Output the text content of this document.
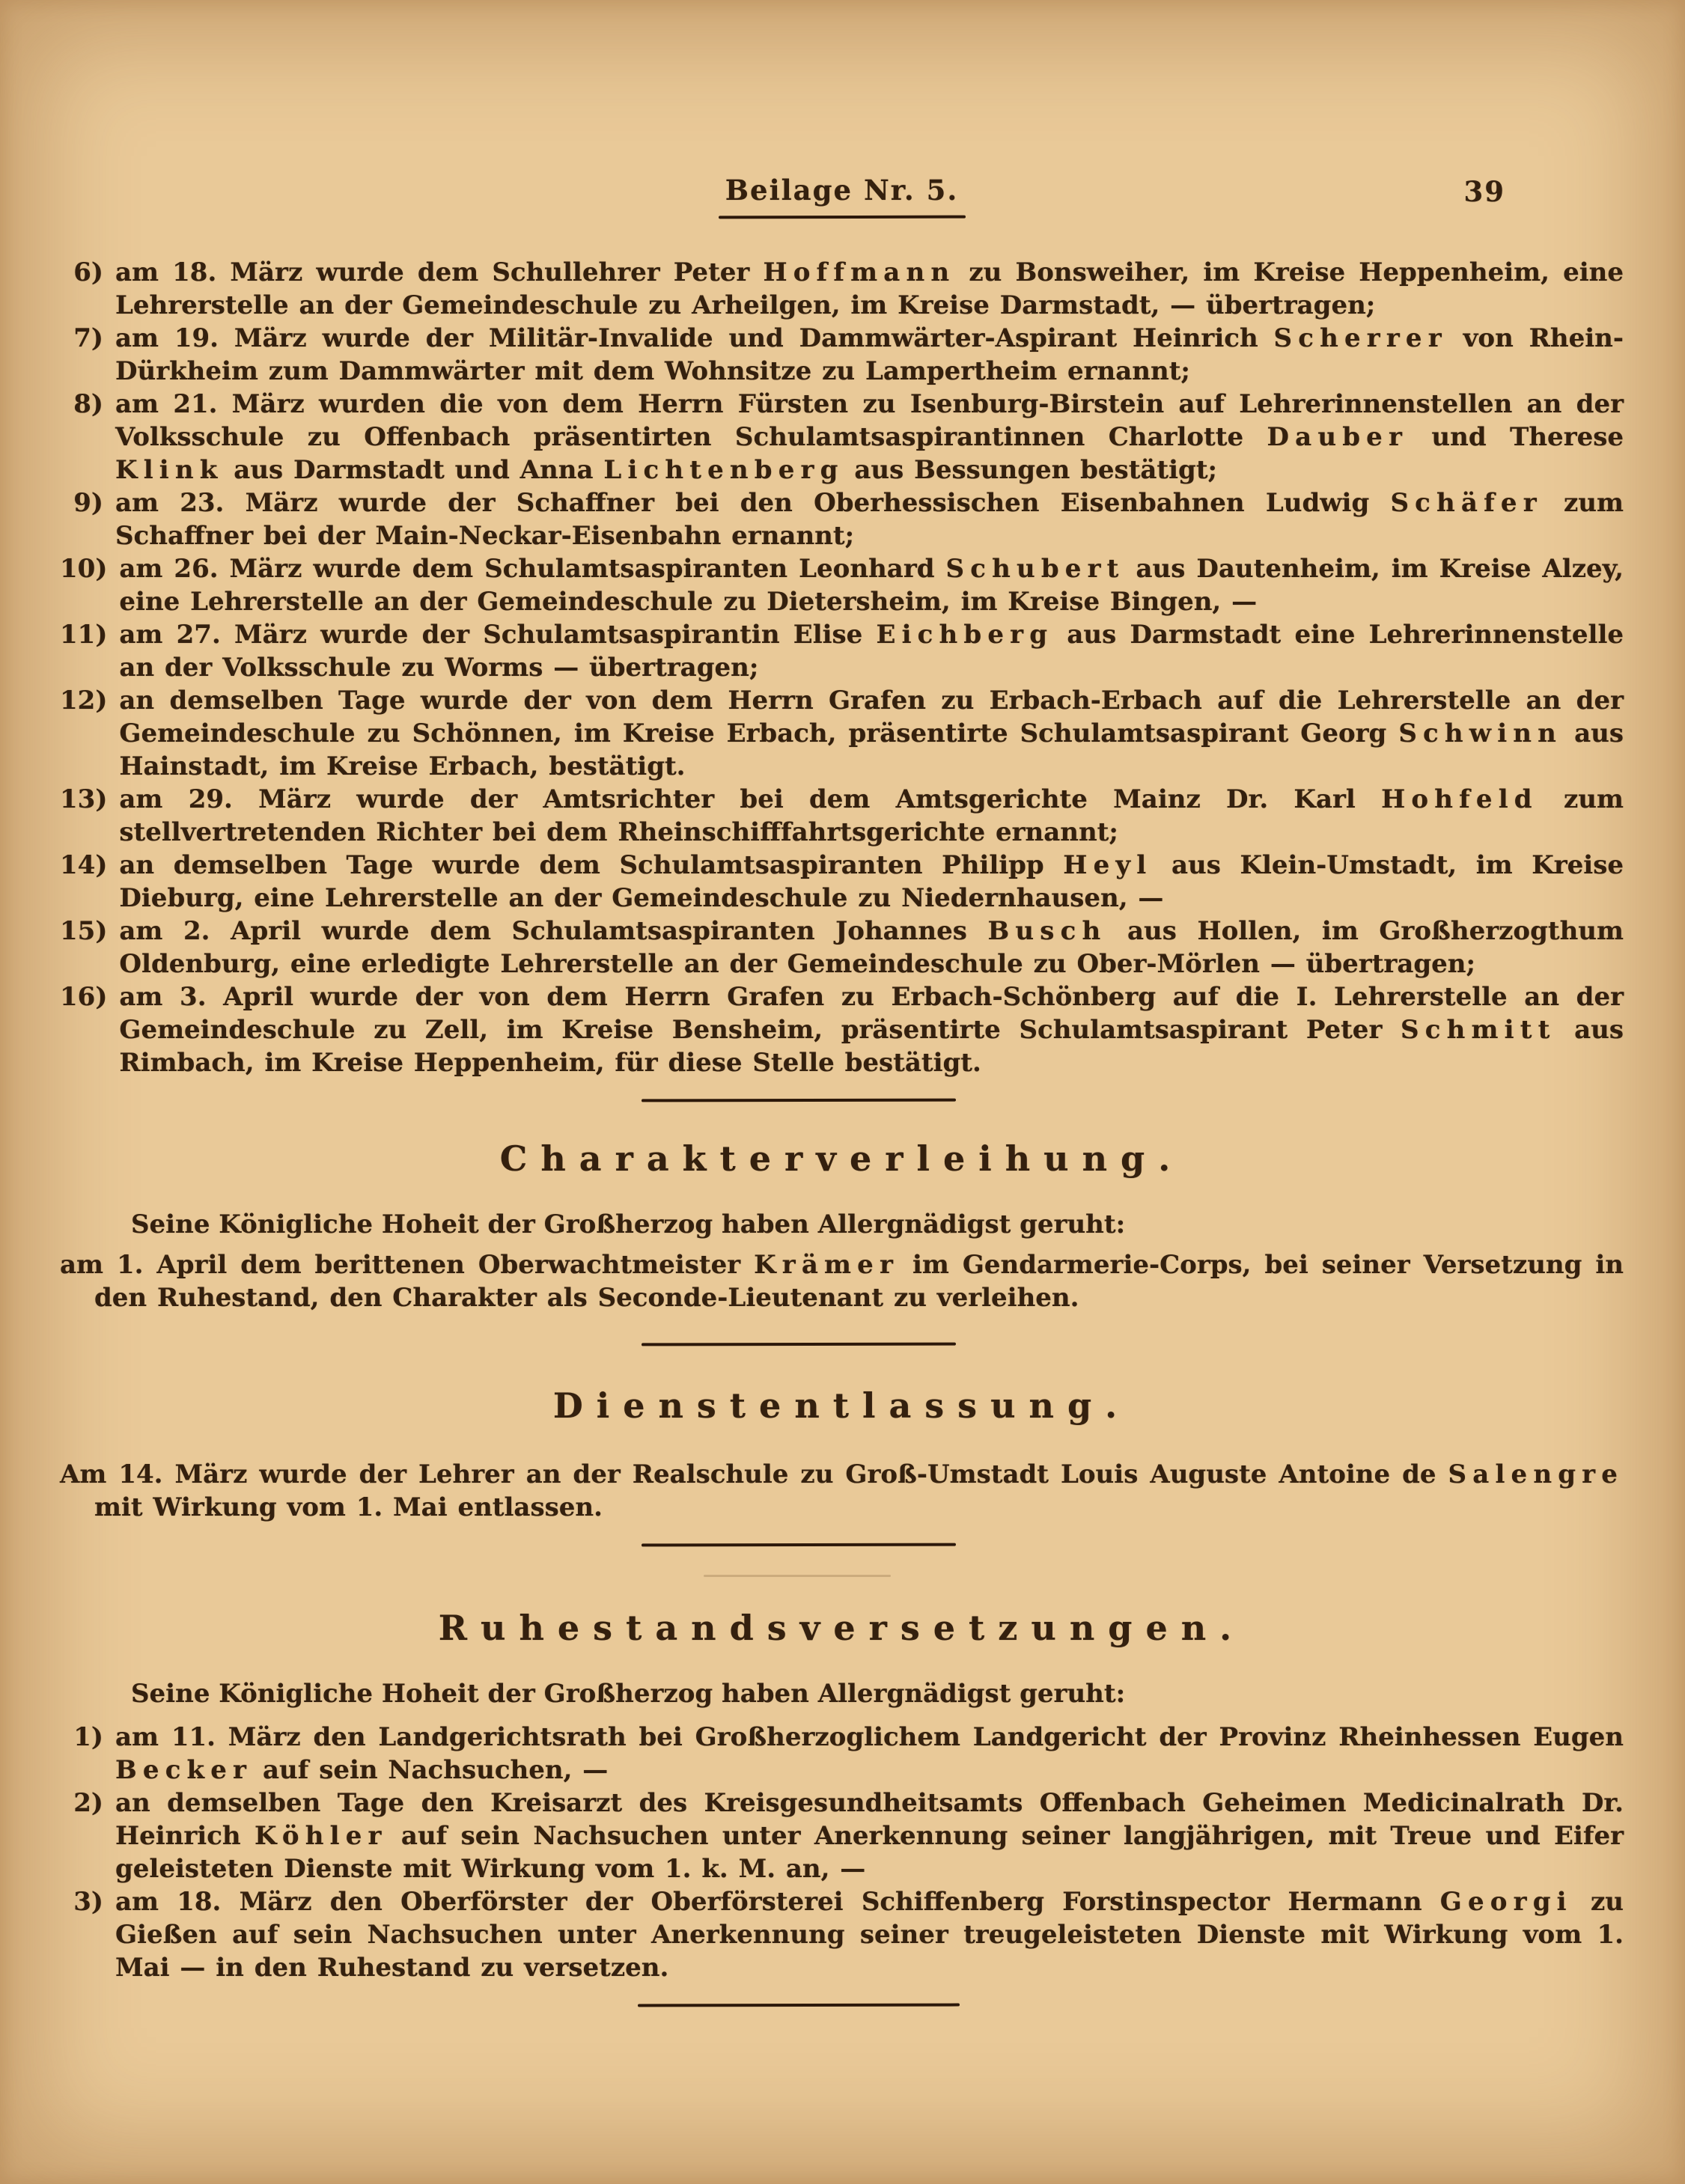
Beilage Nr. 5.	39
6) am 18. März wurde dem Schullehrer Peter Hoffmann zu Bonsweiher, im Kreise Heppenheim, eine Lehrerstelle an der Gemeindeschule zu Arheilgen, im Kreise Darmstadt, — übertragen;
7) am 19. März wurde der Militär-Invalide und Dammwärter-Aspirant Heinrich Scherrer von Rhein-Dürkheim zum Dammwärter mit dem Wohnsitze zu Lampertheim ernannt;
8) am 21. März wurden die von dem Herrn Fürsten zu Isenburg-Birstein auf Lehrerinnenstellen an der Volksschule zu Offenbach präsentirten Schulamtsaspirantinnen Charlotte Dauber und Therese Klink aus Darmstadt und Anna Lichtenberg aus Bessungen bestätigt;
9) am 23. März wurde der Schaffner bei den Oberhessischen Eisenbahnen Ludwig Schäfer zum Schaffner bei der Main-Neckar-Eisenbahn ernannt;
10) am 26. März wurde dem Schulamtsaspiranten Leonhard Schubert aus Dautenheim, im Kreise Alzey, eine Lehrerstelle an der Gemeindeschule zu Dietersheim, im Kreise Bingen, —
11) am 27. März wurde der Schulamtsaspirantin Elise Eichberg aus Darmstadt eine Lehrerinnenstelle an der Volksschule zu Worms — übertragen;
12) an demselben Tage wurde der von dem Herrn Grafen zu Erbach-Erbach auf die Lehrerstelle an der Gemeindeschule zu Schönnen, im Kreise Erbach, präsentirte Schulamtsaspirant Georg Schwinn aus Hainstadt, im Kreise Erbach, bestätigt.
13) am 29. März wurde der Amtsrichter bei dem Amtsgerichte Mainz Dr. Karl Hohfeld zum stellvertretenden Richter bei dem Rheinschifffahrtsgerichte ernannt;
14) an demselben Tage wurde dem Schulamtsaspiranten Philipp Heyl aus Klein-Umstadt, im Kreise Dieburg, eine Lehrerstelle an der Gemeindeschule zu Niedernhausen, —
15) am 2. April wurde dem Schulamtsaspiranten Johannes Busch aus Hollen, im Großherzogthum Oldenburg, eine erledigte Lehrerstelle an der Gemeindeschule zu Ober-Mörlen — übertragen;
16) am 3. April wurde der von dem Herrn Grafen zu Erbach-Schönberg auf die I. Lehrerstelle an der Gemeindeschule zu Zell, im Kreise Bensheim, präsentirte Schulamtsaspirant Peter Schmitt aus Rimbach, im Kreise Heppenheim, für diese Stelle bestätigt.
Charakterverleihung.

Seine Königliche Hoheit der Großherzog haben Allergnädigst geruht:

am 1. April dem berittenen Oberwachtmeister Krämer im Gendarmerie-Corps, bei seiner Versetzung in den Ruhestand, den Charakter als Seconde-Lieutenant zu verleihen.

Dienstentlassung.

Am 14. März wurde der Lehrer an der Realschule zu Groß-Umstadt Louis Auguste Antoine de Salengre mit Wirkung vom 1. Mai entlassen.

Ruhestandsversetzungen.

Seine Königliche Hoheit der Großherzog haben Allergnädigst geruht:

1) am 11. März den Landgerichtsrath bei Großherzoglichem Landgericht der Provinz Rheinhessen Eugen Becker auf sein Nachsuchen, —
2) an demselben Tage den Kreisarzt des Kreisgesundheitsamts Offenbach Geheimen Medicinalrath Dr. Heinrich Köhler auf sein Nachsuchen unter Anerkennung seiner langjährigen, mit Treue und Eifer geleisteten Dienste mit Wirkung vom 1. k. M. an, —
3) am 18. März den Oberförster der Oberförsterei Schiffenberg Forstinspector Hermann Georgi zu Gießen auf sein Nachsuchen unter Anerkennung seiner treugeleisteten Dienste mit Wirkung vom 1. Mai — in den Ruhestand zu versetzen.
